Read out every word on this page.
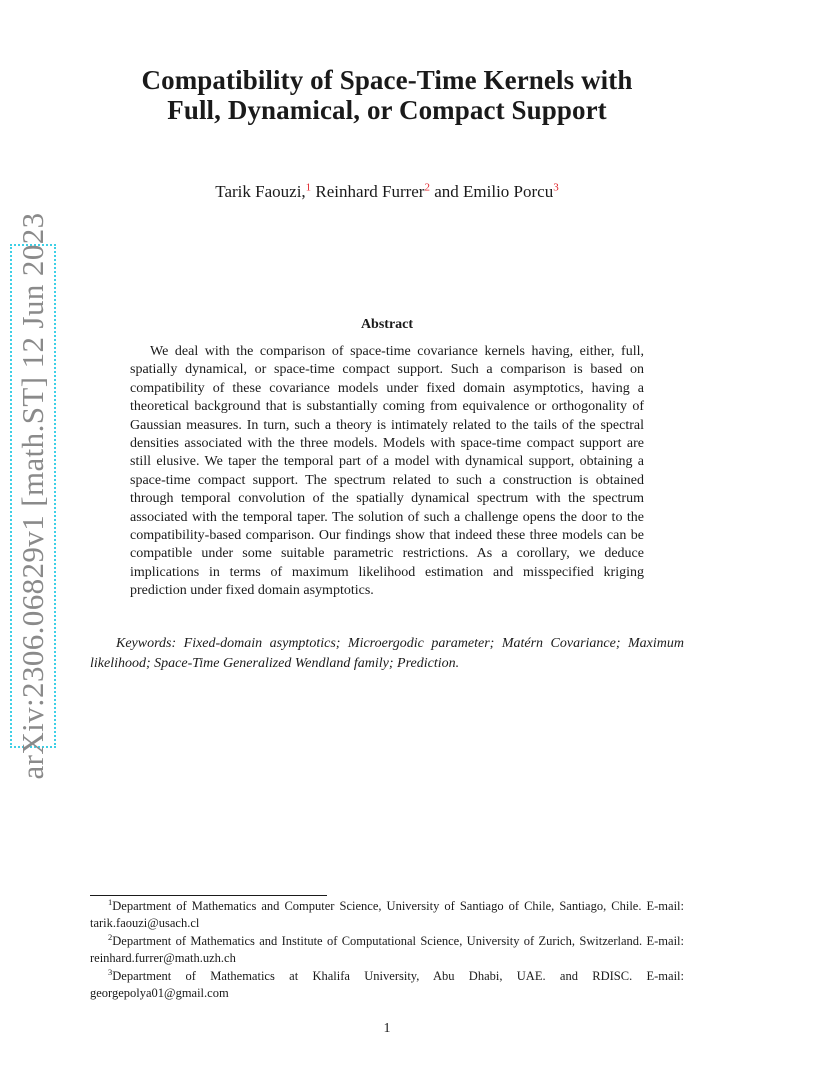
Compatibility of Space-Time Kernels with
Full, Dynamical, or Compact Support
Tarik Faouzi,$^1$ Reinhard Furrer$^2$ and Emilio Porcu$^3$
arXiv:2306.06829v1 [math.ST] 12 Jun 2023	Abstract
We deal with the comparison of space-time covariance kernels having, either, full, spatially dynamical, or space-time compact support. Such a comparison is based on compatibility of these covariance models under fixed domain asymptotics, having a theoretical background that is substantially coming from equivalence or orthogonality of Gaussian measures. In turn, such a theory is intimately related to the tails of the spectral densities associated with the three models. Models with space-time compact support are still elusive. We taper the temporal part of a model with dynamical support, obtaining a space-time compact support. The spectrum related to such a construction is obtained through temporal convolution of the spatially dynamical spectrum with the spectrum associated with the temporal taper. The solution of such a challenge opens the door to the compatibility-based comparison. Our findings show that indeed these three models can be compatible under some suitable parametric restrictions. As a corollary, we deduce implications in terms of maximum likelihood estimation and misspecified kriging prediction under fixed domain asymptotics.
Keywords: Fixed-domain asymptotics; Microergodic parameter; Matérn Covariance; Maximum likelihood; Space-Time Generalized Wendland family; Prediction.

$^1$Department of Mathematics and Computer Science, University of Santiago of Chile, Santiago, Chile. E-mail: tarik.faouzi@usach.cl

$^2$Department of Mathematics and Institute of Computational Science, University of Zurich, Switzerland. E-mail: reinhard.furrer@math.uzh.ch

$^3$Department of Mathematics at Khalifa University, Abu Dhabi, UAE. and RDISC. E-mail: georgepolya01@gmail.com

1
